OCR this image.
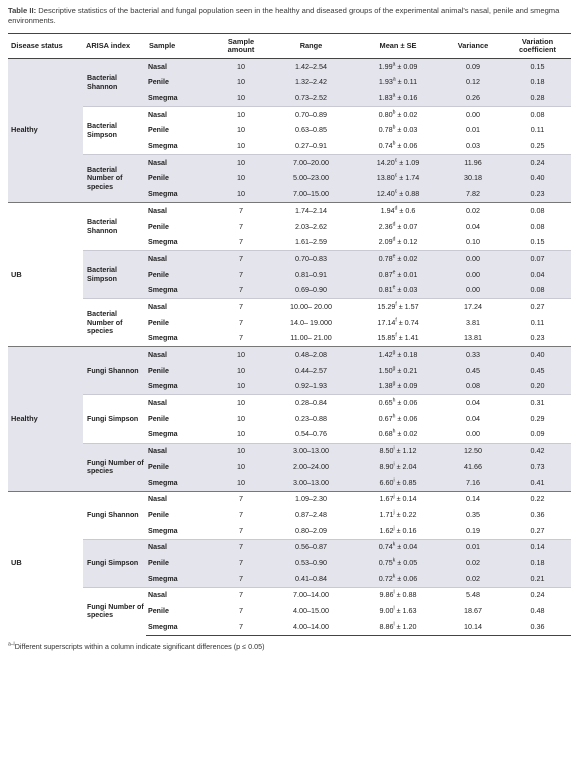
Table II: Descriptive statistics of the bacterial and fungal population seen in the healthy and diseased groups of the experimental animal's nasal, penile and smegma environments.
Disease status	ARISA index	Sample	Sample amount	Range	Mean ± SE	Variance	Variation coefficient
Healthy	Bacterial Shannon	Nasal	10	1.42–2.54	1.99$^a$ ± 0.09	0.09	0.15
		Penile	10	1.32–2.42	1.93$^a$ ± 0.11	0.12	0.18
		Smegma	10	0.73–2.52	1.83$^a$ ± 0.16	0.26	0.28
	Bacterial Simpson	Nasal	10	0.70–0.89	0.80$^b$ ± 0.02	0.00	0.08
		Penile	10	0.63–0.85	0.78$^b$ ± 0.03	0.01	0.11
		Smegma	10	0.27–0.91	0.74$^b$ ± 0.06	0.03	0.25
	Bacterial Number of species	Nasal	10	7.00–20.00	14.20$^c$ ± 1.09	11.96	0.24
		Penile	10	5.00–23.00	13.80$^c$ ± 1.74	30.18	0.40
		Smegma	10	7.00–15.00	12.40$^c$ ± 0.88	7.82	0.23
UB	Bacterial Shannon	Nasal	7	1.74–2.14	1.94$^d$ ± 0.6	0.02	0.08
		Penile	7	2.03–2.62	2.36$^d$ ± 0.07	0.04	0.08
		Smegma	7	1.61–2.59	2.09$^d$ ± 0.12	0.10	0.15
	Bacterial Simpson	Nasal	7	0.70–0.83	0.78$^e$ ± 0.02	0.00	0.07
		Penile	7	0.81–0.91	0.87$^e$ ± 0.01	0.00	0.04
		Smegma	7	0.69–0.90	0.81$^e$ ± 0.03	0.00	0.08
	Bacterial Number of species	Nasal	7	10.00– 20.00	15.29$^f$ ± 1.57	17.24	0.27
		Penile	7	14.0– 19.000	17.14$^f$ ± 0.74	3.81	0.11
		Smegma	7	11.00– 21.00	15.85$^f$ ± 1.41	13.81	0.23
Healthy	Fungi Shannon	Nasal	10	0.48–2.08	1.42$^g$ ± 0.18	0.33	0.40
		Penile	10	0.44–2.57	1.50$^g$ ± 0.21	0.45	0.45
		Smegma	10	0.92–1.93	1.38$^g$ ± 0.09	0.08	0.20
	Fungi Simpson	Nasal	10	0.28–0.84	0.65$^h$ ± 0.06	0.04	0.31
		Penile	10	0.23–0.88	0.67$^h$ ± 0.06	0.04	0.29
		Smegma	10	0.54–0.76	0.68$^h$ ± 0.02	0.00	0.09
	Fungi Number of species	Nasal	10	3.00–13.00	$8.50^i \pm 1.12$	12.50	0.42
		Penile	10	2.00–24.00	$8.90^i \pm 2.04$	41.66	0.73
		Smegma	10	3.00–13.00	$6.60^i \pm 0.85$	7.16	0.41
UB	Fungi Shannon	Nasal	7	1.09–2.30	$1.67^j \pm 0.14$	0.14	0.22
		Penile	7	0.87–2.48	$1.71^j \pm 0.22$	0.35	0.36
		Smegma	7	0.80–2.09	$1.62^j \pm 0.16$	0.19	0.27
	Fungi Simpson	Nasal	7	0.56–0.87	$0.74^k \pm 0.04$	0.01	0.14
		Penile	7	0.53–0.90	$0.75^k \pm 0.05$	0.02	0.18
		Smegma	7	0.41–0.84	$0.72^k \pm 0.06$	0.02	0.21
	Fungi Number of species	Nasal	7	7.00–14.00	$9.86^l \pm 0.88$	5.48	0.24
		Penile	7	4.00–15.00	$9.00^l \pm 1.63$	18.67	0.48
		Smegma	7	4.00–14.00	$8.86^l \pm 1.20$	10.14	0.36
$^{a-l}$Different superscripts within a column indicate significant differences (p ≤ 0.05)
